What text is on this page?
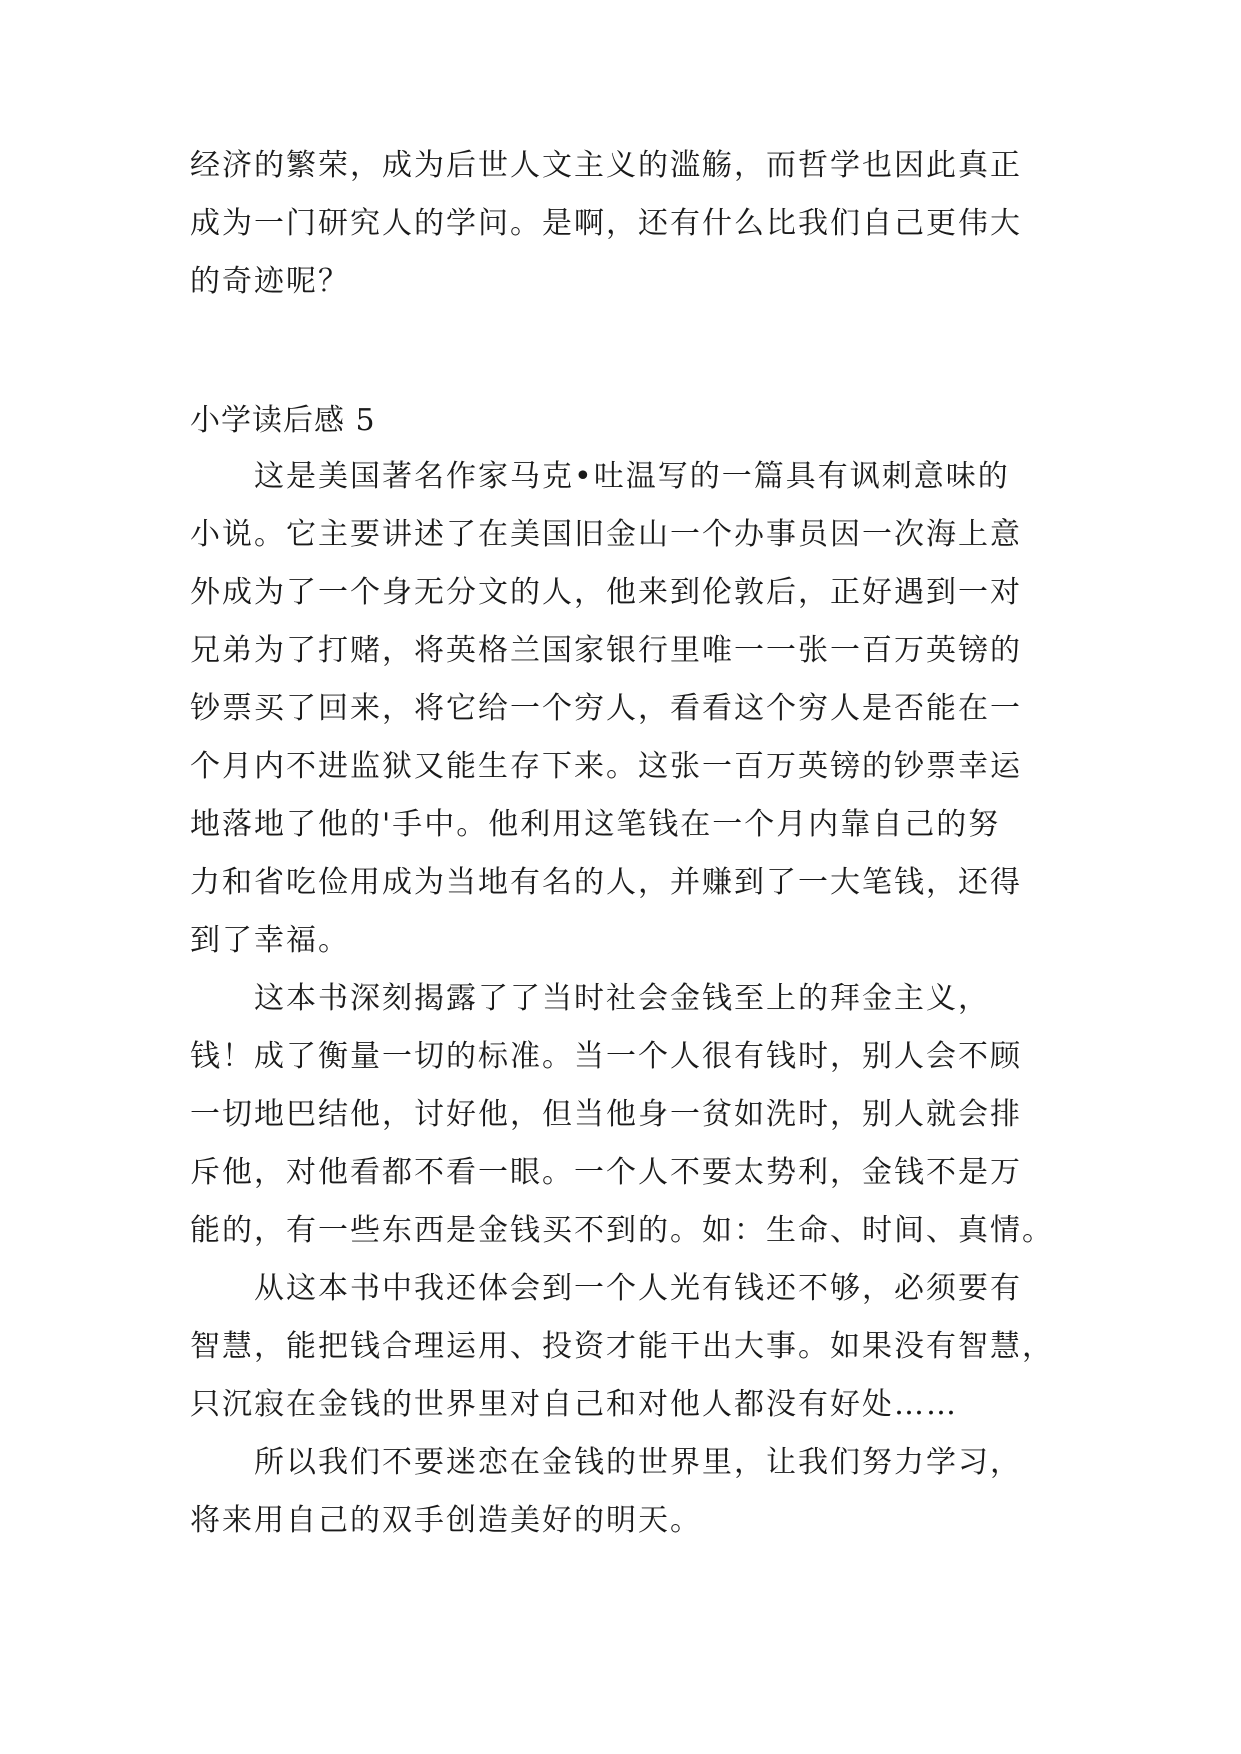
经济的繁荣，成为后世人文主义的滥觞，而哲学也因此真正
成为一门研究人的学问。是啊，还有什么比我们自己更伟大
的奇迹呢？
小学读后感 5
　　这是美国著名作家马克•吐温写的一篇具有讽刺意味的
小说。它主要讲述了在美国旧金山一个办事员因一次海上意
外成为了一个身无分文的人，他来到伦敦后，正好遇到一对
兄弟为了打赌，将英格兰国家银行里唯一一张一百万英镑的
钞票买了回来，将它给一个穷人，看看这个穷人是否能在一
个月内不进监狱又能生存下来。这张一百万英镑的钞票幸运
地落地了他的'手中。他利用这笔钱在一个月内靠自己的努
力和省吃俭用成为当地有名的人，并赚到了一大笔钱，还得
到了幸福。
　　这本书深刻揭露了了当时社会金钱至上的拜金主义，
钱！成了衡量一切的标准。当一个人很有钱时，别人会不顾
一切地巴结他，讨好他，但当他身一贫如洗时，别人就会排
斥他，对他看都不看一眼。一个人不要太势利，金钱不是万
能的，有一些东西是金钱买不到的。如：生命、时间、真情。
　　从这本书中我还体会到一个人光有钱还不够，必须要有
智慧，能把钱合理运用、投资才能干出大事。如果没有智慧，
只沉寂在金钱的世界里对自己和对他人都没有好处……
　　所以我们不要迷恋在金钱的世界里，让我们努力学习，
将来用自己的双手创造美好的明天。
